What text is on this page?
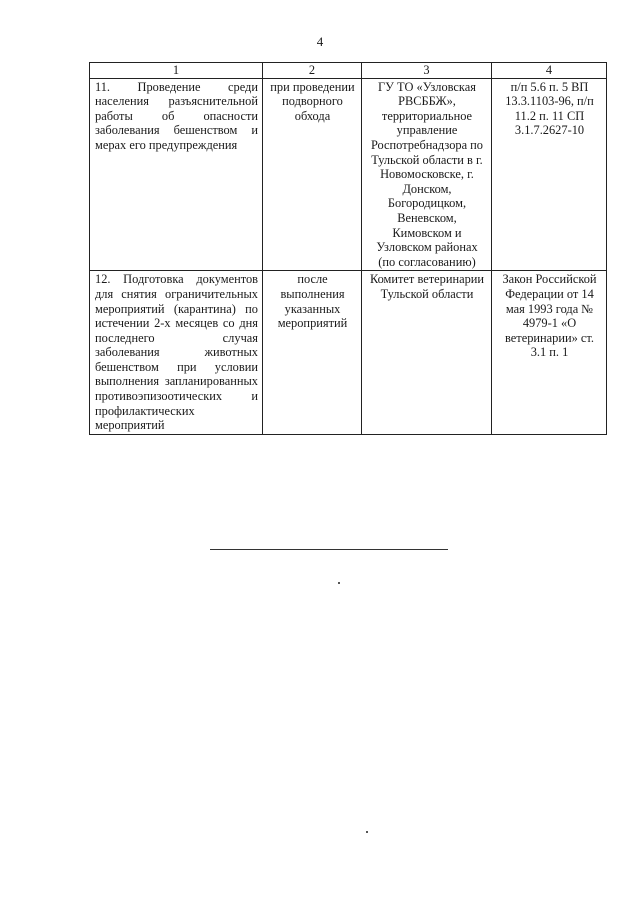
4
1	2	3	4
11. Проведение среди населения разъяснительной работы об опасности заболевания бешенством и мерах его предупреждения	при проведении подворного обхода	ГУ ТО «Узловская РВСББЖ», территориальное управление Роспотребнадзора по Тульской области в г. Новомосковске, г. Донском, Богородицком, Веневском, Кимовском и Узловском районах (по согласованию)	п/п 5.6 п. 5 ВП 13.3.1103-96, п/п 11.2 п. 11 СП 3.1.7.2627-10
12. Подготовка документов для снятия ограничительных мероприятий (карантина) по истечении 2-х месяцев со дня последнего случая заболевания животных бешенством при условии выполнения запланированных противоэпизоотических и профилактических мероприятий	после выполнения указанных мероприятий	Комитет ветеринарии Тульской области	Закон Российской Федерации от 14 мая 1993 года № 4979-1 «О ветеринарии» ст. 3.1 п. 1
